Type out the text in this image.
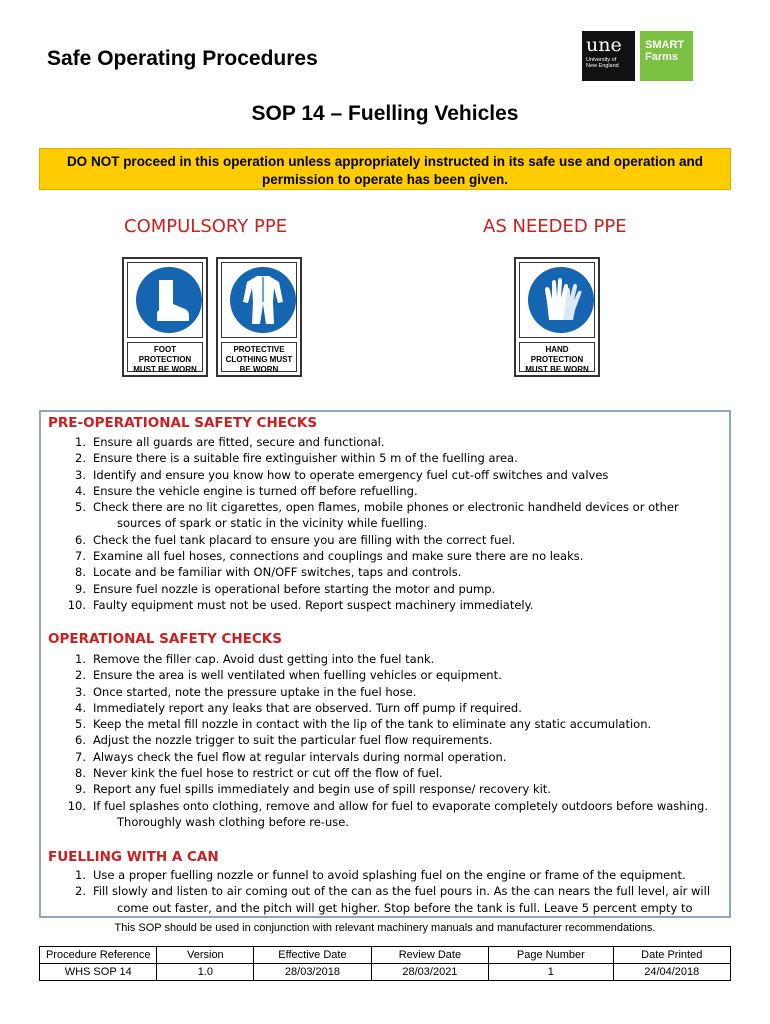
Safe Operating Procedures
une
University of
New England
SMART
Farms
SOP 14 – Fuelling Vehicles
DO NOT proceed in this operation unless appropriately instructed in its safe use and operation and permission to operate has been given.
COMPULSORY PPE	AS NEEDED PPE
FOOT PROTECTION MUST BE WORN
PROTECTIVE CLOTHING MUST BE WORN
HAND PROTECTION MUST BE WORN
PRE-OPERATIONAL SAFETY CHECKS
1. Ensure all guards are fitted, secure and functional.
2. Ensure there is a suitable fire extinguisher within 5 m of the fuelling area.
3. Identify and ensure you know how to operate emergency fuel cut-off switches and valves
4. Ensure the vehicle engine is turned off before refuelling.
5. Check there are no lit cigarettes, open flames, mobile phones or electronic handheld devices or other
sources of spark or static in the vicinity while fuelling.
6. Check the fuel tank placard to ensure you are filling with the correct fuel.
7. Examine all fuel hoses, connections and couplings and make sure there are no leaks.
8. Locate and be familiar with ON/OFF switches, taps and controls.
9. Ensure fuel nozzle is operational before starting the motor and pump.
10. Faulty equipment must not be used. Report suspect machinery immediately.
OPERATIONAL SAFETY CHECKS
1. Remove the filler cap. Avoid dust getting into the fuel tank.
2. Ensure the area is well ventilated when fuelling vehicles or equipment.
3. Once started, note the pressure uptake in the fuel hose.
4. Immediately report any leaks that are observed. Turn off pump if required.
5. Keep the metal fill nozzle in contact with the lip of the tank to eliminate any static accumulation.
6. Adjust the nozzle trigger to suit the particular fuel flow requirements.
7. Always check the fuel flow at regular intervals during normal operation.
8. Never kink the fuel hose to restrict or cut off the flow of fuel.
9. Report any fuel spills immediately and begin use of spill response/ recovery kit.
10. If fuel splashes onto clothing, remove and allow for fuel to evaporate completely outdoors before washing.
Thoroughly wash clothing before re-use.
FUELLING WITH A CAN
1. Use a proper fuelling nozzle or funnel to avoid splashing fuel on the engine or frame of the equipment.
2. Fill slowly and listen to air coming out of the can as the fuel pours in. As the can nears the full level, air will
come out faster, and the pitch will get higher. Stop before the tank is full. Leave 5 percent empty to
This SOP should be used in conjunction with relevant machinery manuals and manufacturer recommendations.
Procedure Reference	Version	Effective Date	Review Date	Page Number	Date Printed
WHS SOP 14	1.0	28/03/2018	28/03/2021	1	24/04/2018
